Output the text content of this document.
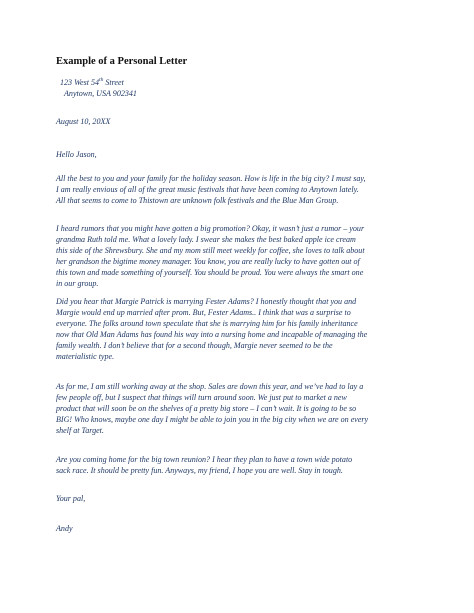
Example of a Personal Letter
123 West 54th Street
Anytown, USA 902341
August 10, 20XX
Hello Jason,
All the best to you and your family for the holiday season. How is life in the big city? I must say,
I am really envious of all of the great music festivals that have been coming to Anytown lately.
All that seems to come to Thistown are unknown folk festivals and the Blue Man Group.
I heard rumors that you might have gotten a big promotion? Okay, it wasn’t just a rumor – your
grandma Ruth told me. What a lovely lady. I swear she makes the best baked apple ice cream
this side of the Shrewsbury. She and my mom still meet weekly for coffee, she loves to talk about
her grandson the bigtime money manager. You know, you are really lucky to have gotten out of
this town and made something of yourself. You should be proud. You were always the smart one
in our group.
Did you hear that Margie Patrick is marrying Fester Adams? I honestly thought that you and
Margie would end up married after prom. But, Fester Adams.. I think that was a surprise to
everyone. The folks around town speculate that she is marrying him for his family inheritance
now that Old Man Adams has found his way into a nursing home and incapable of managing the
family wealth. I don’t believe that for a second though, Margie never seemed to be the
materialistic type.
As for me, I am still working away at the shop. Sales are down this year, and we’ve had to lay a
few people off, but I suspect that things will turn around soon. We just put to market a new
product that will soon be on the shelves of a pretty big store – I can’t wait. It is going to be so
BIG! Who knows, maybe one day I might be able to join you in the big city when we are on every
shelf at Target.
Are you coming home for the big town reunion? I hear they plan to have a town wide potato
sack race. It should be pretty fun. Anyways, my friend, I hope you are well. Stay in tough.
Your pal,
Andy
